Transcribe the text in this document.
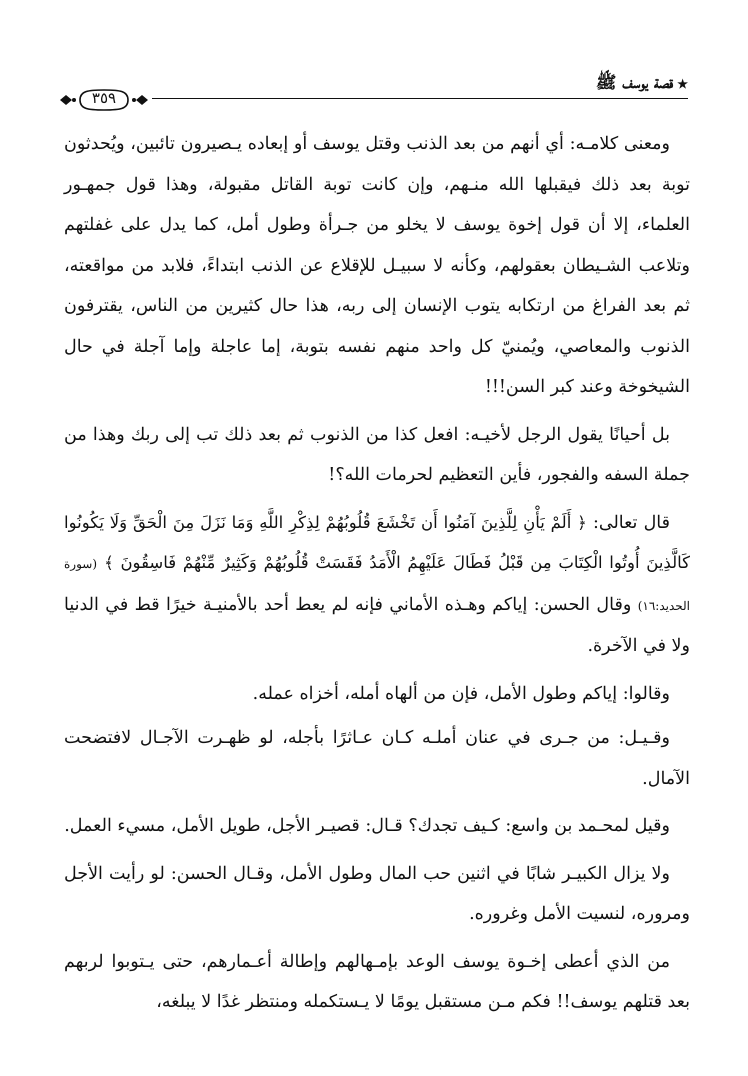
★قصة يوسف ﷺ
٣٥٩

ومعنى كلامـه: أي أنهم من بعد الذنب وقتل يوسف أو إبعاده يـصيرون تائبين، ويُحدثون توبة بعد ذلك فيقبلها الله منـهم، وإن كانت توبة القاتل مقبولة، وهذا قول جمهـور العلماء، إلا أن قول إخوة يوسف لا يخلو من جـرأة وطول أمل، كما يدل على غفلتهم وتلاعب الشـيطان بعقولهم، وكأنه لا سبيـل للإقلاع عن الذنب ابتداءً، فلابد من مواقعته، ثم بعد الفراغ من ارتكابه يتوب الإنسان إلى ربه، هذا حال كثيرين من الناس، يقترفون الذنوب والمعاصي، ويُمنيّ كل واحد منهم نفسه بتوبة، إما عاجلة وإما آجلة في حال الشيخوخة وعند كبر السن!!!

بل أحيانًا يقول الرجل لأخيـه: افعل كذا من الذنوب ثم بعد ذلك تب إلى ربك وهذا من جملة السفه والفجور، فأين التعظيم لحرمات الله؟!

قال تعالى: ﴿ أَلَمْ يَأْنِ لِلَّذِينَ آمَنُوا أَن تَخْشَعَ قُلُوبُهُمْ لِذِكْرِ اللَّهِ وَمَا نَزَلَ مِنَ الْحَقِّ وَلَا يَكُونُوا كَالَّذِينَ أُوتُوا الْكِتَابَ مِن قَبْلُ فَطَالَ عَلَيْهِمُ الْأَمَدُ فَقَسَتْ قُلُوبُهُمْ وَكَثِيرٌ مِّنْهُمْ فَاسِقُونَ ﴾ (سورة الحديد:١٦) وقال الحسن: إياكم وهـذه الأماني فإنه لم يعط أحد بالأمنيـة خيرًا قط في الدنيا ولا في الآخرة.

وقالوا: إياكم وطول الأمل، فإن من ألهاه أمله، أخزاه عمله.

وقـيـل: من جـرى في عنان أملـه كـان عـاثرًا بأجله، لو ظهـرت الآجـال لافتضحت الآمال.

وقيل لمحـمد بن واسع: كـيف تجدك؟ قـال: قصيـر الأجل، طويل الأمل، مسيء العمل.

ولا يزال الكبيـر شابًا في اثنين حب المال وطول الأمل، وقـال الحسن: لو رأيت الأجل ومروره، لنسيت الأمل وغروره.

من الذي أعطى إخـوة يوسف الوعد بإمـهالهم وإطالة أعـمارهم، حتى يـتوبوا لربهم بعد قتلهم يوسف!! فكم مـن مستقبل يومًا لا يـستكمله ومنتظر غدًا لا يبلغه،
